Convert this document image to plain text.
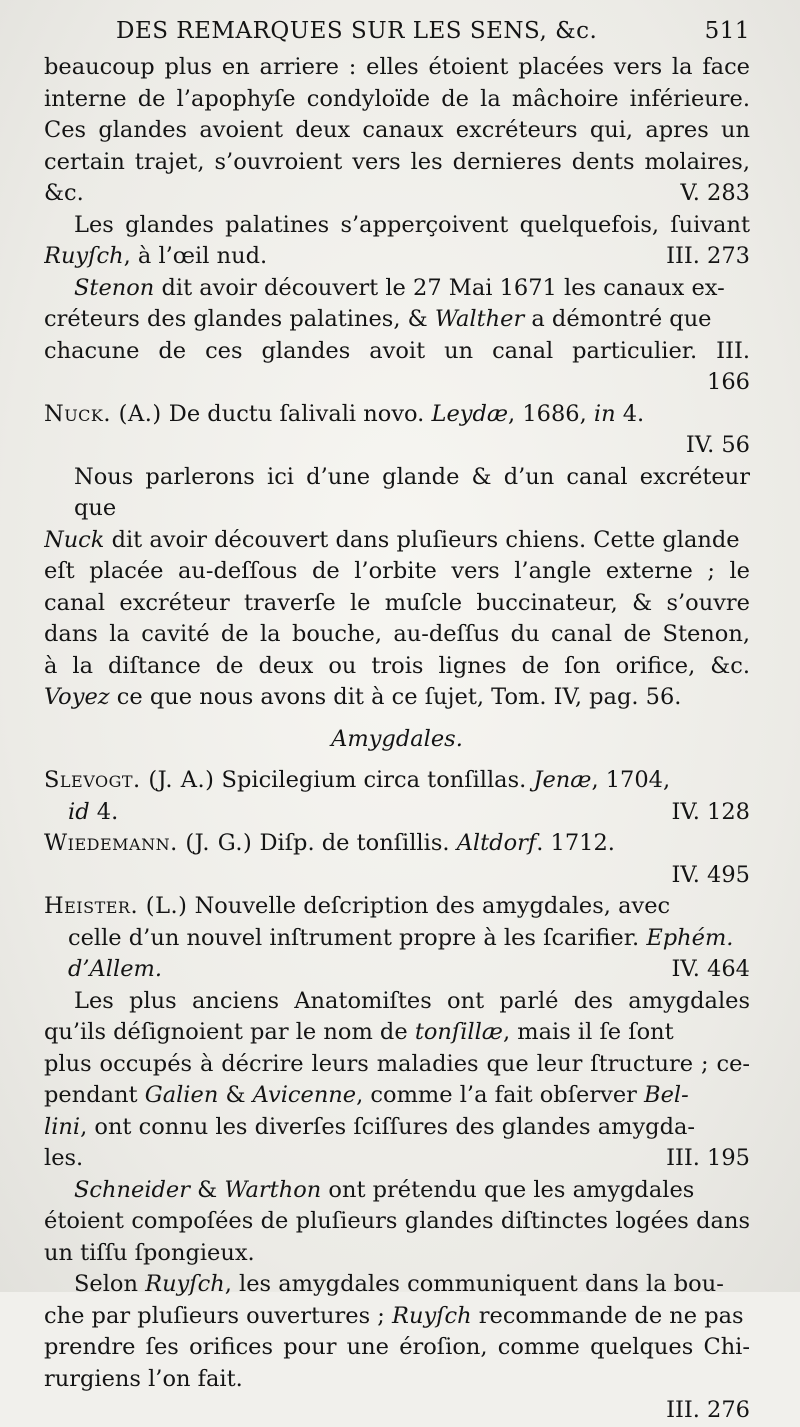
DES REMARQUES SUR LES SENS, &c.	511
beaucoup plus en arriere : elles étoient placées vers la face
interne de l’apophyſe condyloïde de la mâchoire inférieure.
Ces glandes avoient deux canaux excréteurs qui, apres un
certain trajet, s’ouvroient vers les dernieres dents molaires,
&c.	V. 283
Les glandes palatines s’apperçoivent quelquefois, ſuivant
Ruyſch, à l’œil nud.	III. 273
Stenon dit avoir découvert le 27 Mai 1671 les canaux ex-
créteurs des glandes palatines, & Walther a démontré que
chacune de ces glandes avoit un canal particulier. III.
166
Nuck. (A.) De ductu ſalivali novo. Leydæ, 1686, in 4.
IV. 56
Nous parlerons ici d’une glande & d’un canal excréteur que
Nuck dit avoir découvert dans pluſieurs chiens. Cette glande
eſt placée au-deſſous de l’orbite vers l’angle externe ; le
canal excréteur traverſe le muſcle buccinateur, & s’ouvre
dans la cavité de la bouche, au-deſſus du canal de Stenon,
à la diſtance de deux ou trois lignes de ſon orifice, &c.
Voyez ce que nous avons dit à ce ſujet, Tom. IV, pag. 56.
Amygdales.
Slevogt. (J. A.) Spicilegium circa tonſillas. Jenæ, 1704,
id 4.	IV. 128
Wiedemann. (J. G.) Diſp. de tonſillis. Altdorf. 1712.
IV. 495
Heister. (L.) Nouvelle deſcription des amygdales, avec
celle d’un nouvel inſtrument propre à les ſcarifier. Ephém.
d’Allem.	IV. 464
Les plus anciens Anatomiſtes ont parlé des amygdales
qu’ils déſignoient par le nom de tonſillæ, mais il ſe ſont
plus occupés à décrire leurs maladies que leur ſtructure ; ce-
pendant Galien & Avicenne, comme l’a fait obſerver Bel-
lini, ont connu les diverſes ſciſſures des glandes amygda-
les.	III. 195
Schneider & Warthon ont prétendu que les amygdales
étoient compoſées de pluſieurs glandes diſtinctes logées dans
un tiſſu ſpongieux.
Selon Ruyſch, les amygdales communiquent dans la bou-
che par pluſieurs ouvertures ; Ruyſch recommande de ne pas
prendre ſes orifices pour une éroſion, comme quelques Chi-
rurgiens l’on fait.
III. 276
